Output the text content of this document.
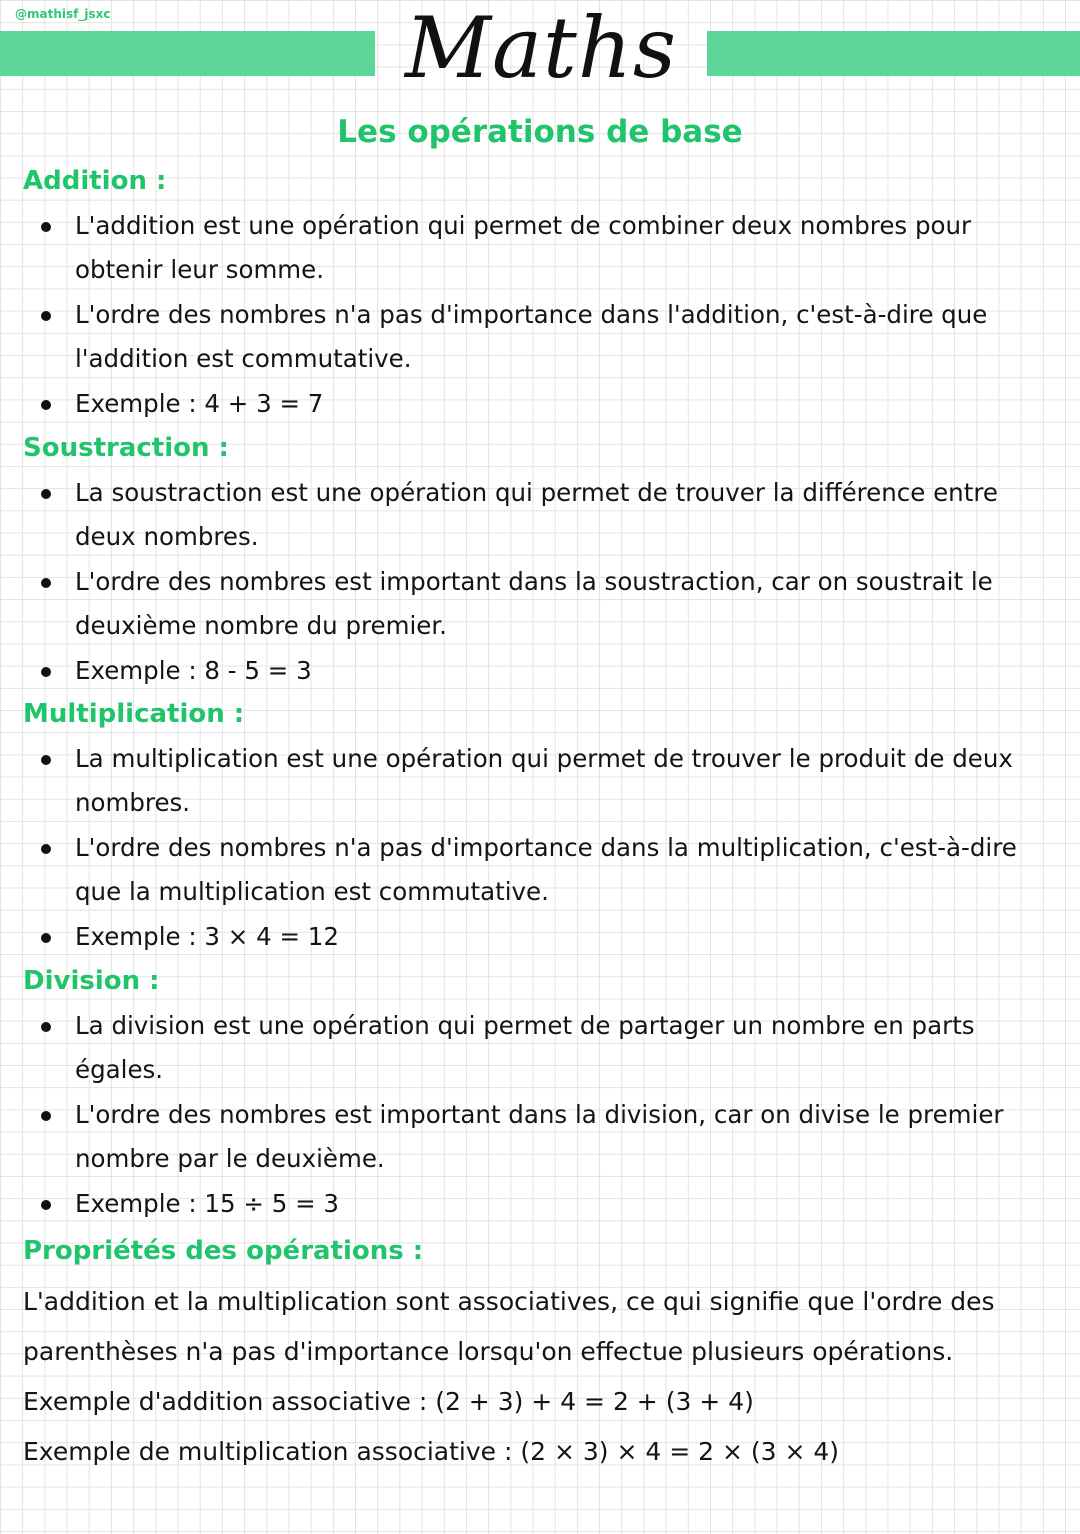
@mathisf_jsxc	Maths
Les opérations de base
Addition :
L'addition est une opération qui permet de combiner deux nombres pour obtenir leur somme.
L'ordre des nombres n'a pas d'importance dans l'addition, c'est-à-dire que l'addition est commutative.
Exemple : 4 + 3 = 7
Soustraction :
La soustraction est une opération qui permet de trouver la différence entre deux nombres.
L'ordre des nombres est important dans la soustraction, car on soustrait le deuxième nombre du premier.
Exemple : 8 - 5 = 3
Multiplication :
La multiplication est une opération qui permet de trouver le produit de deux nombres.
L'ordre des nombres n'a pas d'importance dans la multiplication, c'est-à-dire que la multiplication est commutative.
Exemple : 3 × 4 = 12
Division :
La division est une opération qui permet de partager un nombre en parts égales.
L'ordre des nombres est important dans la division, car on divise le premier nombre par le deuxième.
Exemple : 15 ÷ 5 = 3
Propriétés des opérations :

L'addition et la multiplication sont associatives, ce qui signifie que l'ordre des parenthèses n'a pas d'importance lorsqu'on effectue plusieurs opérations.

Exemple d'addition associative : (2 + 3) + 4 = 2 + (3 + 4)

Exemple de multiplication associative : (2 × 3) × 4 = 2 × (3 × 4)
